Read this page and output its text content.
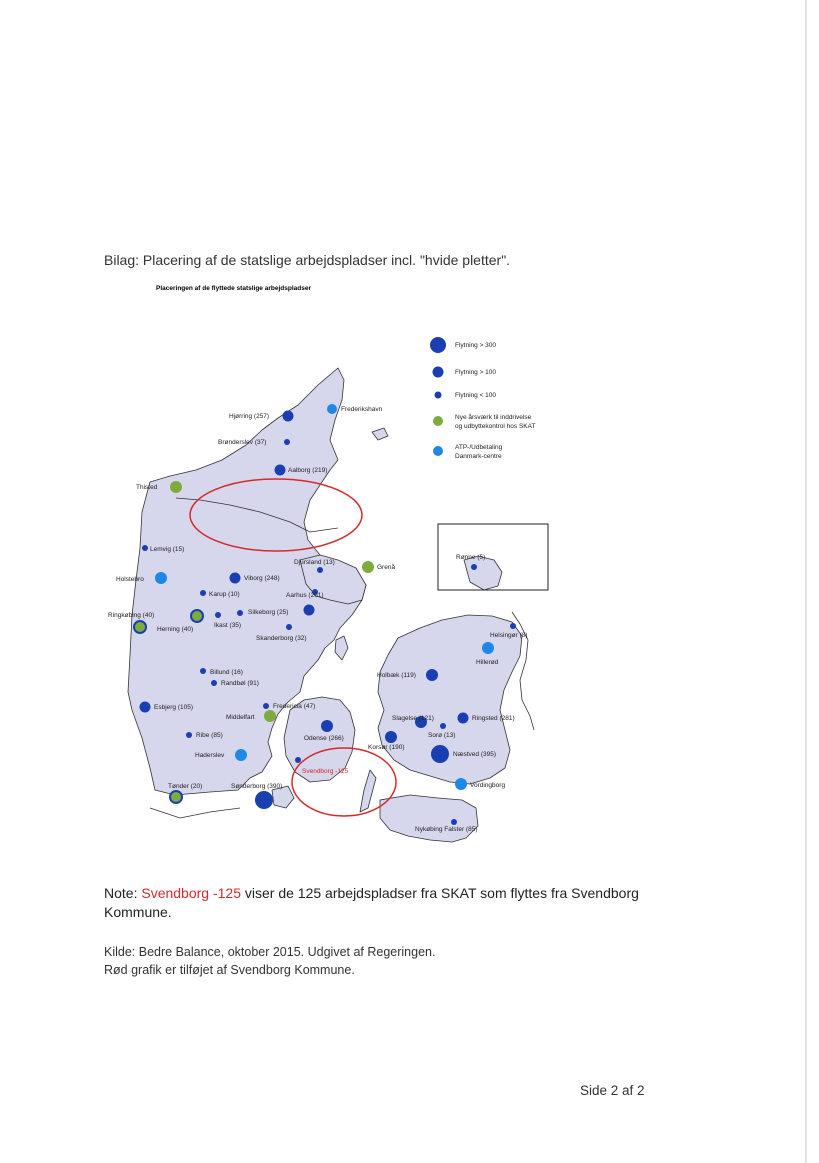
Bilag: Placering af de statslige arbejdspladser incl. "hvide pletter".
Placeringen af de flyttede statslige arbejdspladser
Flytning > 300
Flytning > 100
Flytning < 100
Nye årsværk til inddrivelse
og udbyttekontrol hos SKAT
ATP-/Udbetaling
Danmark-centre
Hjørring (257)
Frederikshavn
Brønderslev (37)
Aalborg (219)
Thisted
Lemvig (15)
Djursland (13)
Grenå
Holstebro	Viborg (248)
Karup (10)	Aarhus (201)
Ringkøbing (40)	Silkeborg (25)
Herning (40)
Ikast (35)
Skanderborg (32)
Billund (16)
Randbøl (91)
Esbjerg (105)	Fredericia (47)
Middelfart
Ribe (85)	Odense (266)
Haderslev
Svendborg -125
Tønder (20)	Sønderborg (390)
Rønne (5)
Helsingør (8)
Hillerød
Holbæk (119)
Slagelse (121)	Ringsted (281)
Sorø (13)
Korsør (190)
Næstved (395)
Vordingborg
Nykøbing Falster (85)
Note: Svendborg -125 viser de 125 arbejdspladser fra SKAT som flyttes fra Svendborg Kommune.
Kilde: Bedre Balance, oktober 2015. Udgivet af Regeringen.
Rød grafik er tilføjet af Svendborg Kommune.
Side 2 af 2
